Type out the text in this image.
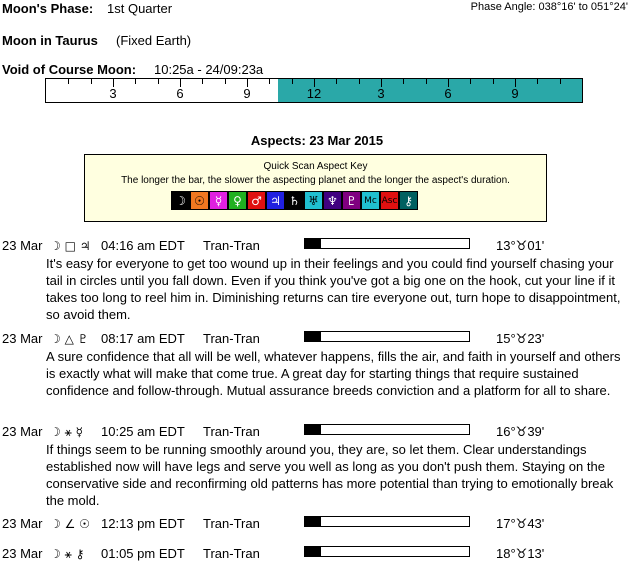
Moon's Phase: 1st Quarter	Phase Angle: 038°16' to 051°24'
Moon in Taurus (Fixed Earth)
Void of Course Moon: 10:25a - 24/09:23a
3	6	9	12	3	6	9
Aspects: 23 Mar 2015
Quick Scan Aspect Key
The longer the bar, the slower the aspecting planet and the longer the aspect's duration.
☽ ☉ ☿ ♀ ♂ ♃ ♄ ♅ ♆ ♇ Mc Asc ⚷
23 Mar ☽ □ ♃ 04:16 am EDT Tran-Tran	13°♉01'
It's easy for everyone to get too wound up in their feelings and you could find yourself chasing your tail in circles until you fall down. Even if you think you've got a big one on the hook, cut your line if it takes too long to reel him in. Diminishing returns can tire everyone out, turn hope to disappointment, so avoid them.
23 Mar ☽ △ ♇ 08:17 am EDT Tran-Tran	15°♉23'
A sure confidence that all will be well, whatever happens, fills the air, and faith in yourself and others is exactly what will make that come true. A great day for starting things that require sustained confidence and follow-through. Mutual assurance breeds conviction and a platform for all to share.
23 Mar ☽ ⚹ ☿ 10:25 am EDT Tran-Tran	16°♉39'
If things seem to be running smoothly around you, they are, so let them. Clear understandings established now will have legs and serve you well as long as you don't push them. Staying on the conservative side and reconfirming old patterns has more potential than trying to emotionally break the mold.
23 Mar ☽ ∠ ☉ 12:13 pm EDT Tran-Tran	17°♉43'
23 Mar ☽ ⚹ ⚷ 01:05 pm EDT Tran-Tran	18°♉13'
